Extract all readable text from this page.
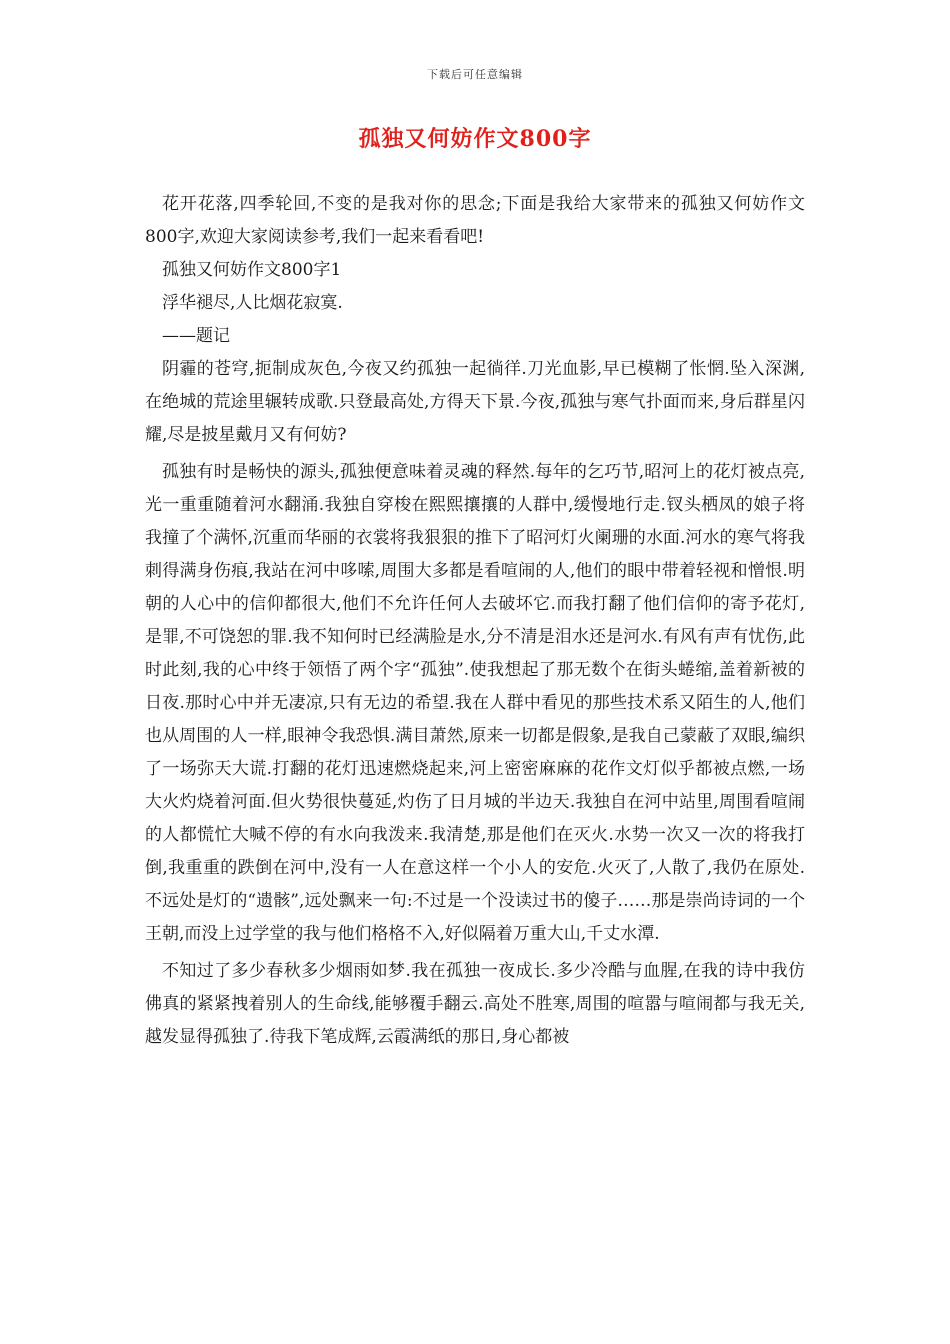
下载后可任意编辑
孤独又何妨作文800字

花开花落,四季轮回,不变的是我对你的思念;下面是我给大家带来的孤独又何妨作文800字,欢迎大家阅读参考,我们一起来看看吧!

孤独又何妨作文800字1

浮华褪尽,人比烟花寂寞.

——题记

阴霾的苍穹,扼制成灰色,今夜又约孤独一起徜徉.刀光血影,早已模糊了怅惘.坠入深渊,在绝城的荒途里辗转成歌.只登最高处,方得天下景.今夜,孤独与寒气扑面而来,身后群星闪耀,尽是披星戴月又有何妨?

孤独有时是畅快的源头,孤独便意味着灵魂的释然.每年的乞巧节,昭河上的花灯被点亮,光一重重随着河水翻涌.我独自穿梭在熙熙攘攘的人群中,缓慢地行走.钗头栖凤的娘子将我撞了个满怀,沉重而华丽的衣裳将我狠狠的推下了昭河灯火阑珊的水面.河水的寒气将我刺得满身伤痕,我站在河中哆嗦,周围大多都是看喧闹的人,他们的眼中带着轻视和憎恨.明朝的人心中的信仰都很大,他们不允许任何人去破坏它.而我打翻了他们信仰的寄予花灯,是罪,不可饶恕的罪.我不知何时已经满脸是水,分不清是泪水还是河水.有风有声有忧伤,此时此刻,我的心中终于领悟了两个字“孤独”.使我想起了那无数个在街头蜷缩,盖着新被的日夜.那时心中并无凄凉,只有无边的希望.我在人群中看见的那些技术系又陌生的人,他们也从周围的人一样,眼神令我恐惧.满目萧然,原来一切都是假象,是我自己蒙蔽了双眼,编织了一场弥天大谎.打翻的花灯迅速燃烧起来,河上密密麻麻的花作文灯似乎都被点燃,一场大火灼烧着河面.但火势很快蔓延,灼伤了日月城的半边天.我独自在河中站里,周围看喧闹的人都慌忙大喊不停的有水向我泼来.我清楚,那是他们在灭火.水势一次又一次的将我打倒,我重重的跌倒在河中,没有一人在意这样一个小人的安危.火灭了,人散了,我仍在原处.不远处是灯的“遗骸”,远处飘来一句:不过是一个没读过书的傻子……那是崇尚诗词的一个王朝,而没上过学堂的我与他们格格不入,好似隔着万重大山,千丈水潭.

不知过了多少春秋多少烟雨如梦.我在孤独一夜成长.多少冷酷与血腥,在我的诗中我仿佛真的紧紧拽着别人的生命线,能够覆手翻云.高处不胜寒,周围的喧嚣与喧闹都与我无关,越发显得孤独了.待我下笔成辉,云霞满纸的那日,身心都被
